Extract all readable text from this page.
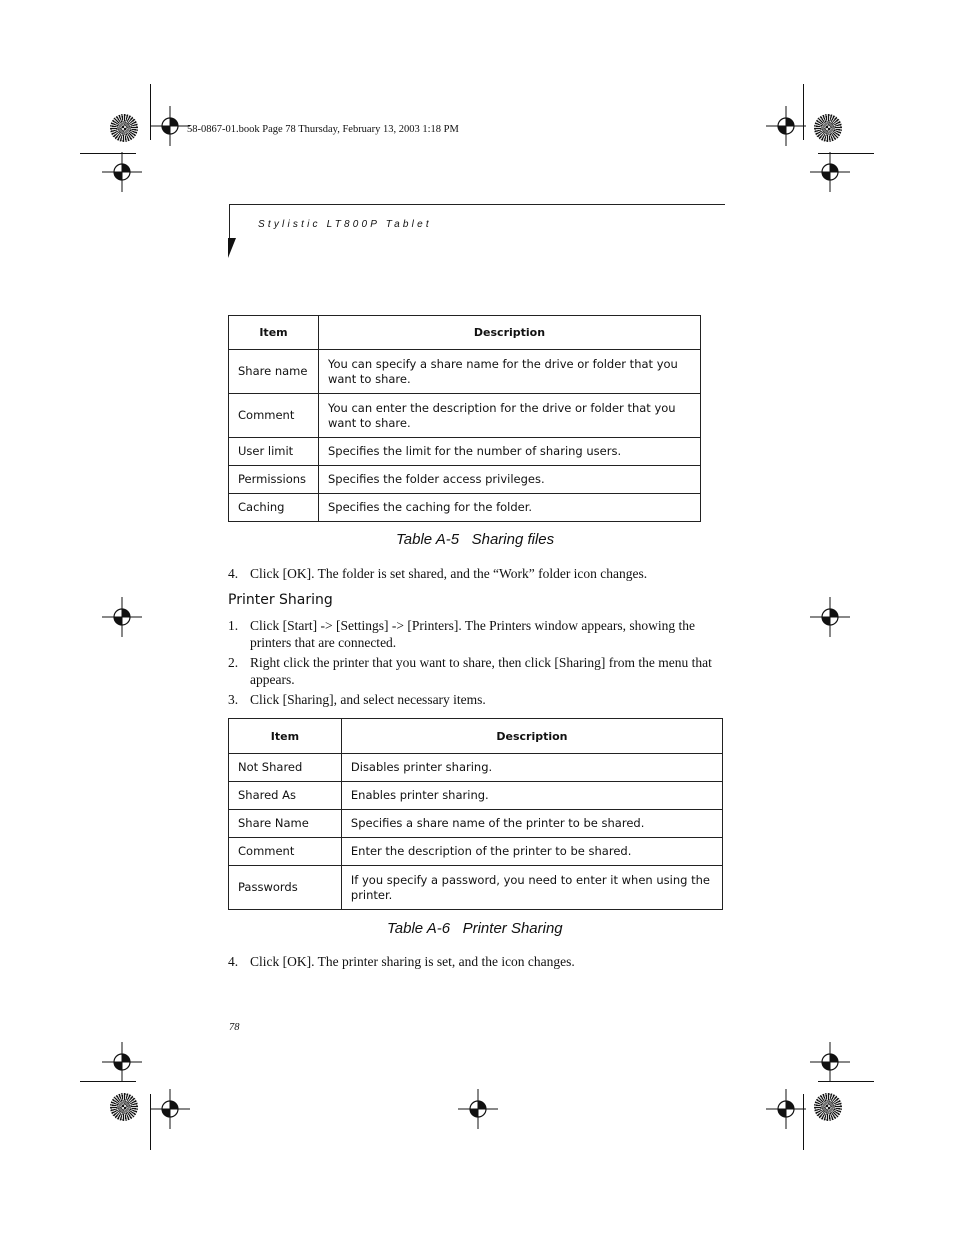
58-0867-01.book Page 78 Thursday, February 13, 2003 1:18 PM
Stylistic LT800P Tablet
Item	Description
Share name	You can specify a share name for the drive or folder that you want to share.
Comment	You can enter the description for the drive or folder that you want to share.
User limit	Specifies the limit for the number of sharing users.
Permissions	Specifies the folder access privileges.
Caching	Specifies the caching for the folder.
Table A-5   Sharing files
4. Click [OK]. The folder is set shared, and the “Work” folder icon changes.
Printer Sharing
1. Click [Start] -> [Settings] -> [Printers]. The Printers window appears, showing the printers that are connected.
2. Right click the printer that you want to share, then click [Sharing] from the menu that appears.
3. Click [Sharing], and select necessary items.
Item	Description
Not Shared	Disables printer sharing.
Shared As	Enables printer sharing.
Share Name	Specifies a share name of the printer to be shared.
Comment	Enter the description of the printer to be shared.
Passwords	If you specify a password, you need to enter it when using the printer.
Table A-6   Printer Sharing
4. Click [OK]. The printer sharing is set, and the icon changes.
78
